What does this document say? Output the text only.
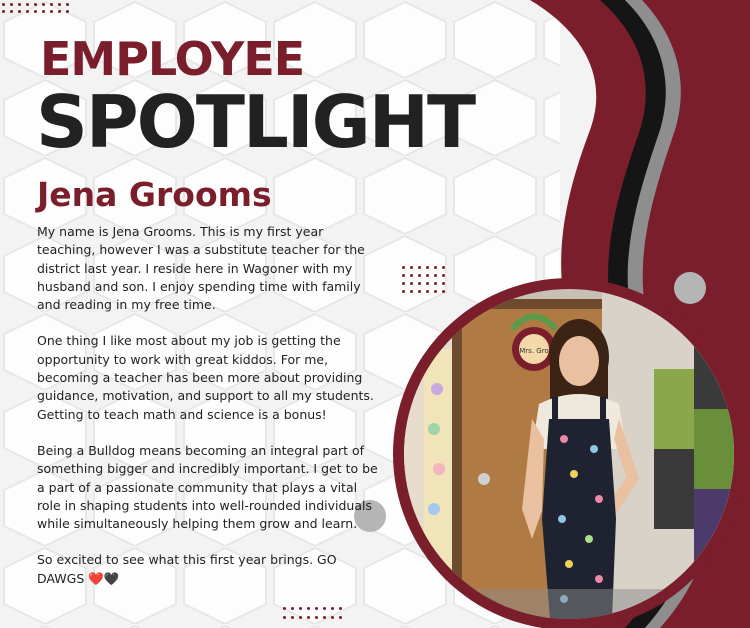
EMPLOYEE
SPOTLIGHT
Jena Grooms

My name is Jena Grooms. This is my first year teaching, however I was a substitute teacher for the district last year. I reside here in Wagoner with my husband and son. I enjoy spending time with family and reading in my free time.

One thing I like most about my job is getting the opportunity to work with great kiddos. For me, becoming a teacher has been more about providing guidance, motivation, and support to all my students. Getting to teach math and science is a bonus!

Being a Bulldog means becoming an integral part of something bigger and incredibly important. I get to be a part of a passionate community that plays a vital role in shaping students into well-rounded individuals while simultaneously helping them grow and learn.

So excited to see what this first year brings. GO DAWGS ❤️🖤

Mrs. Gro
